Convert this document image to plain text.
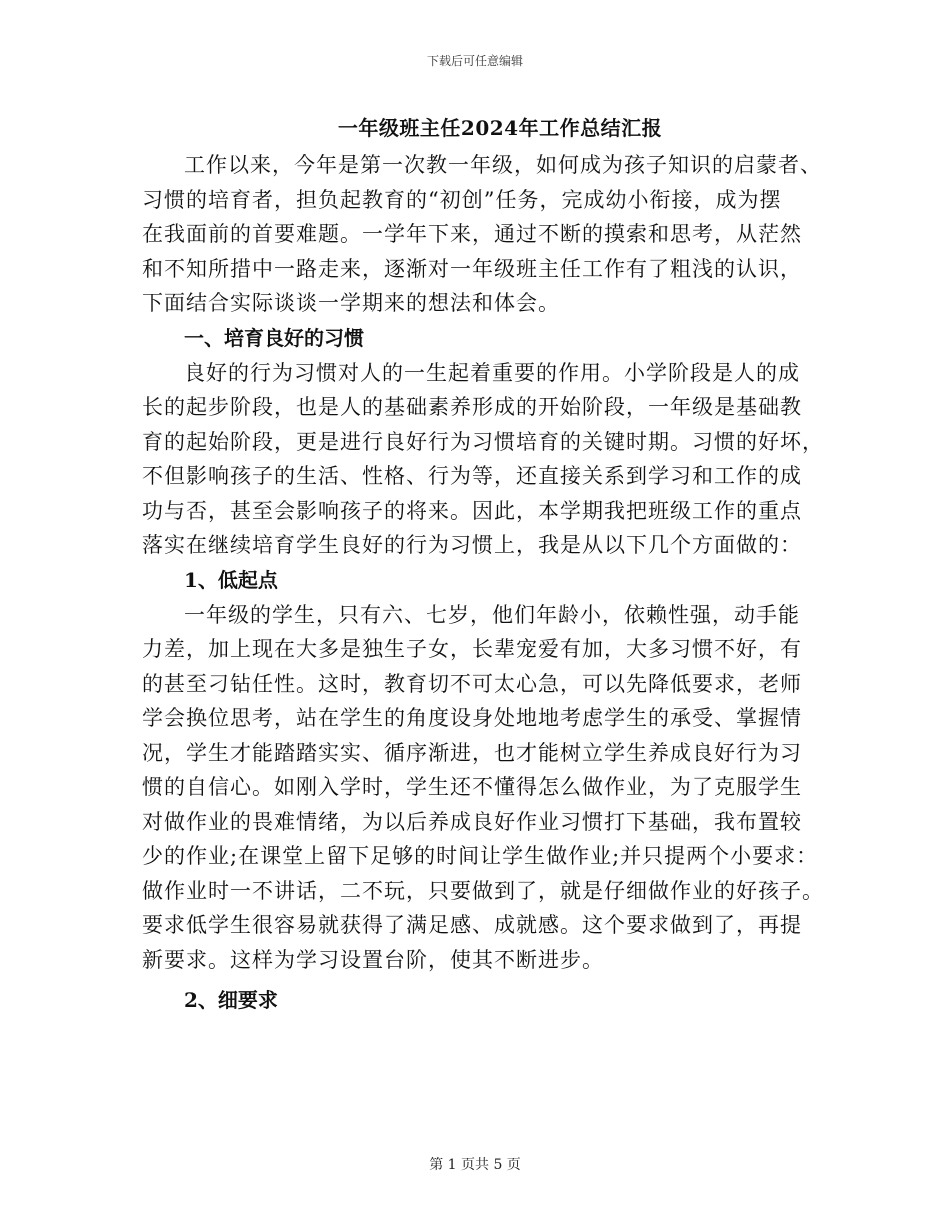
下载后可任意编辑
一年级班主任2024年工作总结汇报
工作以来，今年是第一次教一年级，如何成为孩子知识的启蒙者、
习惯的培育者，担负起教育的“初创”任务，完成幼小衔接，成为摆
在我面前的首要难题。一学年下来，通过不断的摸索和思考，从茫然
和不知所措中一路走来，逐渐对一年级班主任工作有了粗浅的认识，
下面结合实际谈谈一学期来的想法和体会。
一、培育良好的习惯
良好的行为习惯对人的一生起着重要的作用。小学阶段是人的成
长的起步阶段，也是人的基础素养形成的开始阶段，一年级是基础教
育的起始阶段，更是进行良好行为习惯培育的关键时期。习惯的好坏，
不但影响孩子的生活、性格、行为等，还直接关系到学习和工作的成
功与否，甚至会影响孩子的将来。因此，本学期我把班级工作的重点
落实在继续培育学生良好的行为习惯上，我是从以下几个方面做的：
1、低起点
一年级的学生，只有六、七岁，他们年龄小，依赖性强，动手能
力差，加上现在大多是独生子女，长辈宠爱有加，大多习惯不好，有
的甚至刁钻任性。这时，教育切不可太心急，可以先降低要求，老师
学会换位思考，站在学生的角度设身处地地考虑学生的承受、掌握情
况，学生才能踏踏实实、循序渐进，也才能树立学生养成良好行为习
惯的自信心。如刚入学时，学生还不懂得怎么做作业，为了克服学生
对做作业的畏难情绪，为以后养成良好作业习惯打下基础，我布置较
少的作业;在课堂上留下足够的时间让学生做作业;并只提两个小要求：
做作业时一不讲话，二不玩，只要做到了，就是仔细做作业的好孩子。
要求低学生很容易就获得了满足感、成就感。这个要求做到了，再提
新要求。这样为学习设置台阶，使其不断进步。
2、细要求
第 1 页共 5 页
